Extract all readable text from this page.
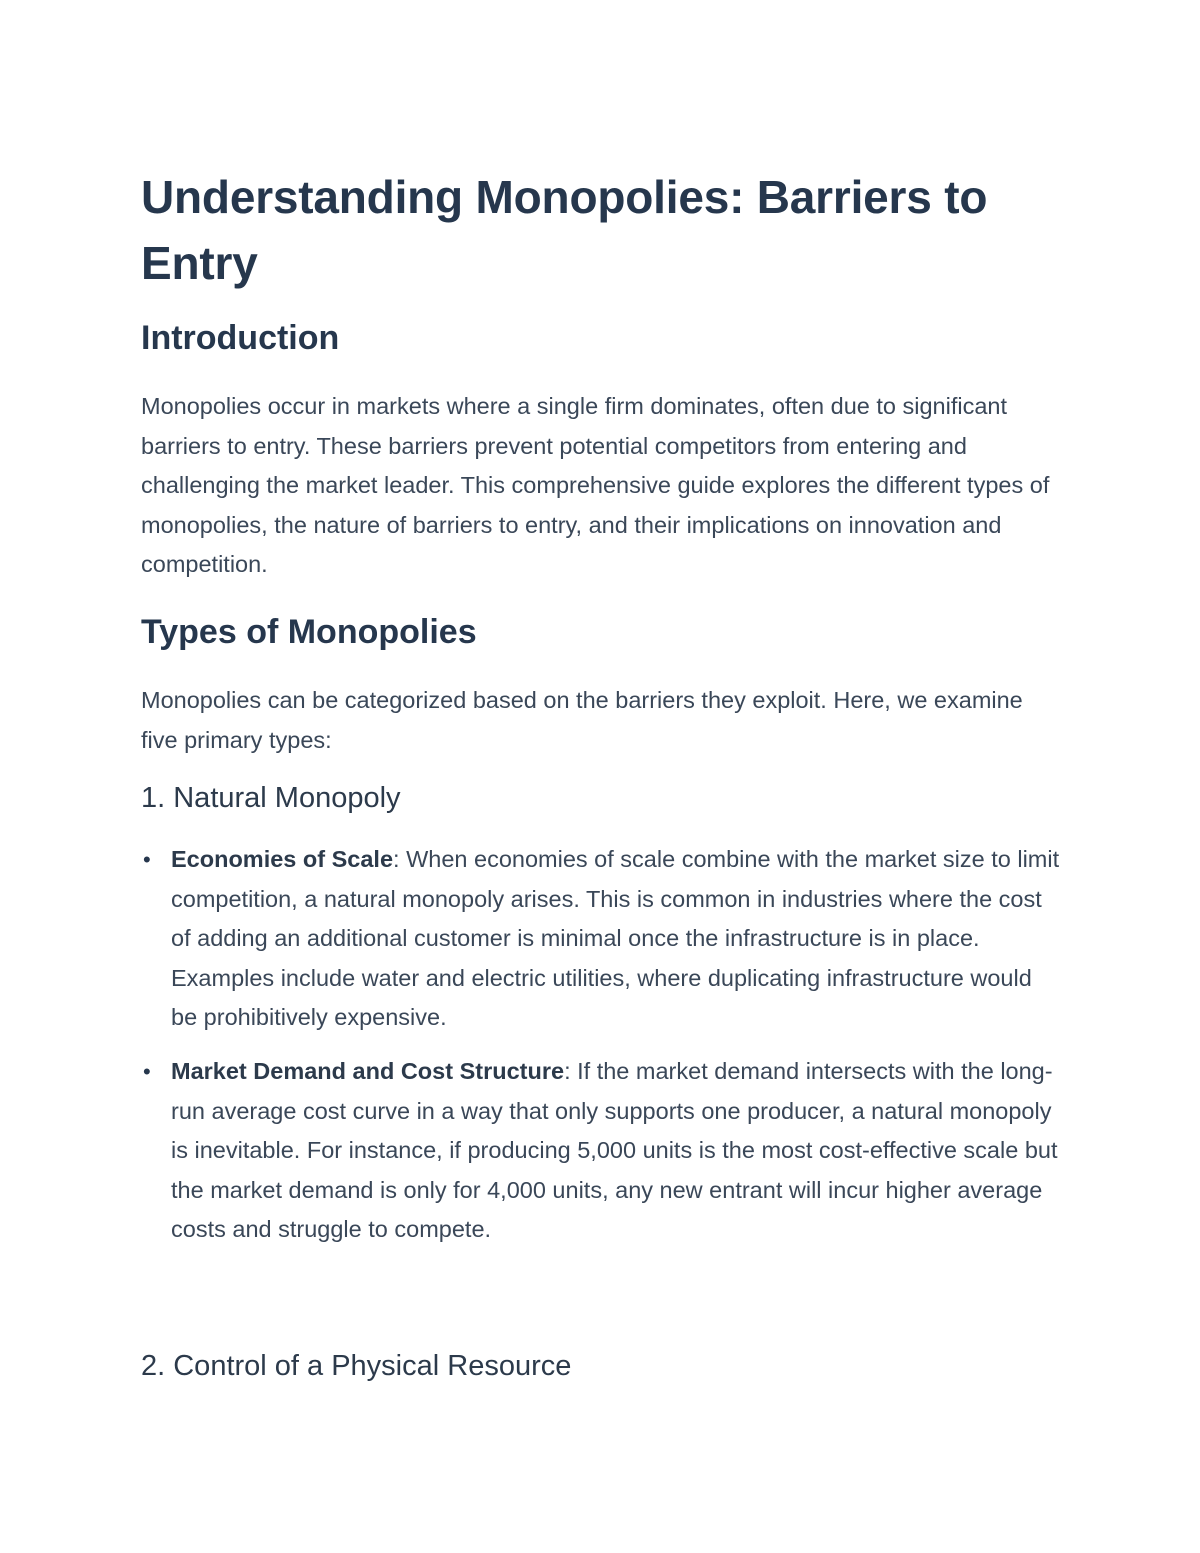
Understanding Monopolies: Barriers to Entry
Introduction

Monopolies occur in markets where a single firm dominates, often due to significant barriers to entry. These barriers prevent potential competitors from entering and challenging the market leader. This comprehensive guide explores the different types of monopolies, the nature of barriers to entry, and their implications on innovation and competition.

Types of Monopolies

Monopolies can be categorized based on the barriers they exploit. Here, we examine five primary types:

1. Natural Monopoly
• Economies of Scale: When economies of scale combine with the market size to limit competition, a natural monopoly arises. This is common in industries where the cost of adding an additional customer is minimal once the infrastructure is in place. Examples include water and electric utilities, where duplicating infrastructure would be prohibitively expensive.
• Market Demand and Cost Structure: If the market demand intersects with the long-run average cost curve in a way that only supports one producer, a natural monopoly is inevitable. For instance, if producing 5,000 units is the most cost-effective scale but the market demand is only for 4,000 units, any new entrant will incur higher average costs and struggle to compete.
2. Control of a Physical Resource
